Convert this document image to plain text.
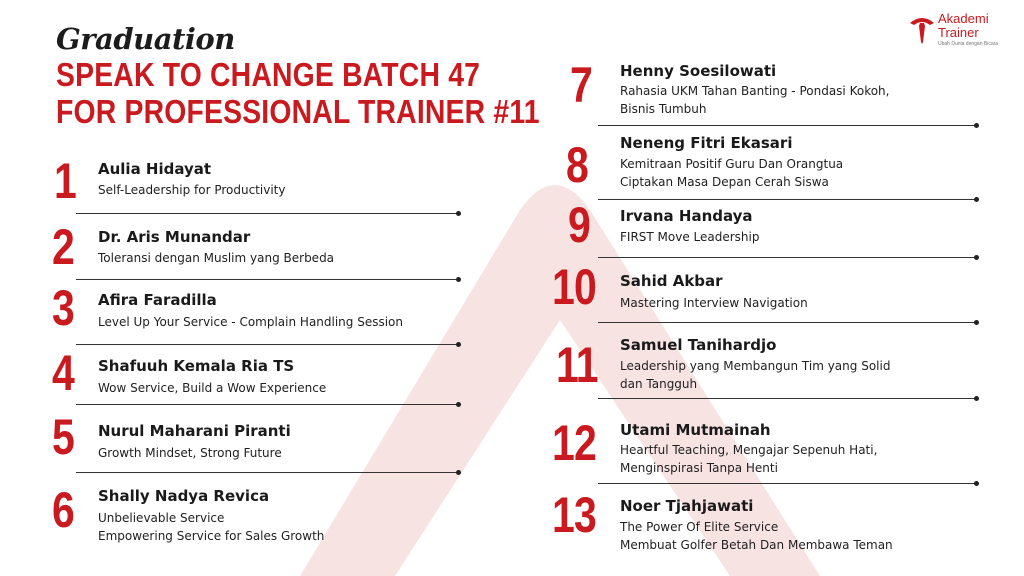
Graduation
SPEAK TO CHANGE BATCH 47
FOR PROFESSIONAL TRAINER #11
Akademi
Trainer
Ubah Dunia dengan Bicara
1 Aulia Hidayat
Self-Leadership for Productivity
2 Dr. Aris Munandar
Toleransi dengan Muslim yang Berbeda
3 Afira Faradilla
Level Up Your Service - Complain Handling Session
4 Shafuuh Kemala Ria TS
Wow Service, Build a Wow Experience
5 Nurul Maharani Piranti
Growth Mindset, Strong Future
6 Shally Nadya Revica
Unbelievable Service
Empowering Service for Sales Growth
7 Henny Soesilowati
Rahasia UKM Tahan Banting - Pondasi Kokoh,
Bisnis Tumbuh
8 Neneng Fitri Ekasari
Kemitraan Positif Guru Dan Orangtua
Ciptakan Masa Depan Cerah Siswa
9 Irvana Handaya
FIRST Move Leadership
10 Sahid Akbar
Mastering Interview Navigation
11 Samuel Tanihardjo
Leadership yang Membangun Tim yang Solid
dan Tangguh
12 Utami Mutmainah
Heartful Teaching, Mengajar Sepenuh Hati,
Menginspirasi Tanpa Henti
13 Noer Tjahjawati
The Power Of Elite Service
Membuat Golfer Betah Dan Membawa Teman
